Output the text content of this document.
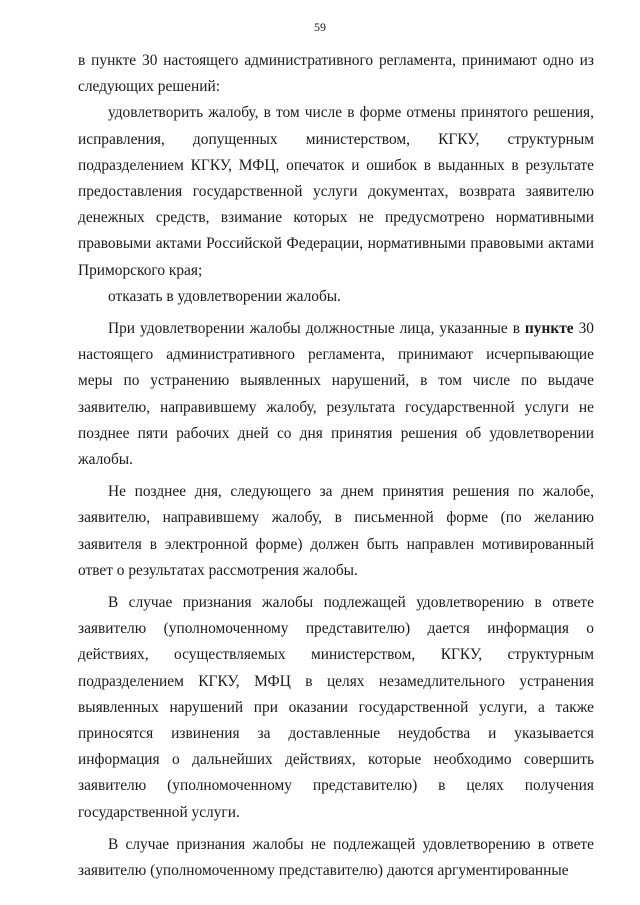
59

в пункте 30 настоящего административного регламента, принимают одно из следующих решений:

удовлетворить жалобу, в том числе в форме отмены принятого решения, исправления, допущенных министерством, КГКУ, структурным подразделением КГКУ, МФЦ, опечаток и ошибок в выданных в результате предоставления государственной услуги документах, возврата заявителю денежных средств, взимание которых не предусмотрено нормативными правовыми актами Российской Федерации, нормативными правовыми актами Приморского края;

отказать в удовлетворении жалобы.

При удовлетворении жалобы должностные лица, указанные в пункте 30 настоящего административного регламента, принимают исчерпывающие меры по устранению выявленных нарушений, в том числе по выдаче заявителю, направившему жалобу, результата государственной услуги не позднее пяти рабочих дней со дня принятия решения об удовлетворении жалобы.

Не позднее дня, следующего за днем принятия решения по жалобе, заявителю, направившему жалобу, в письменной форме (по желанию заявителя в электронной форме) должен быть направлен мотивированный ответ о результатах рассмотрения жалобы.

В случае признания жалобы подлежащей удовлетворению в ответе заявителю (уполномоченному представителю) дается информация о действиях, осуществляемых министерством, КГКУ, структурным подразделением КГКУ, МФЦ в целях незамедлительного устранения выявленных нарушений при оказании государственной услуги, а также приносятся извинения за доставленные неудобства и указывается информация о дальнейших действиях, которые необходимо совершить заявителю (уполномоченному представителю) в целях получения государственной услуги.

В случае признания жалобы не подлежащей удовлетворению в ответе заявителю (уполномоченному представителю) даются аргументированные
